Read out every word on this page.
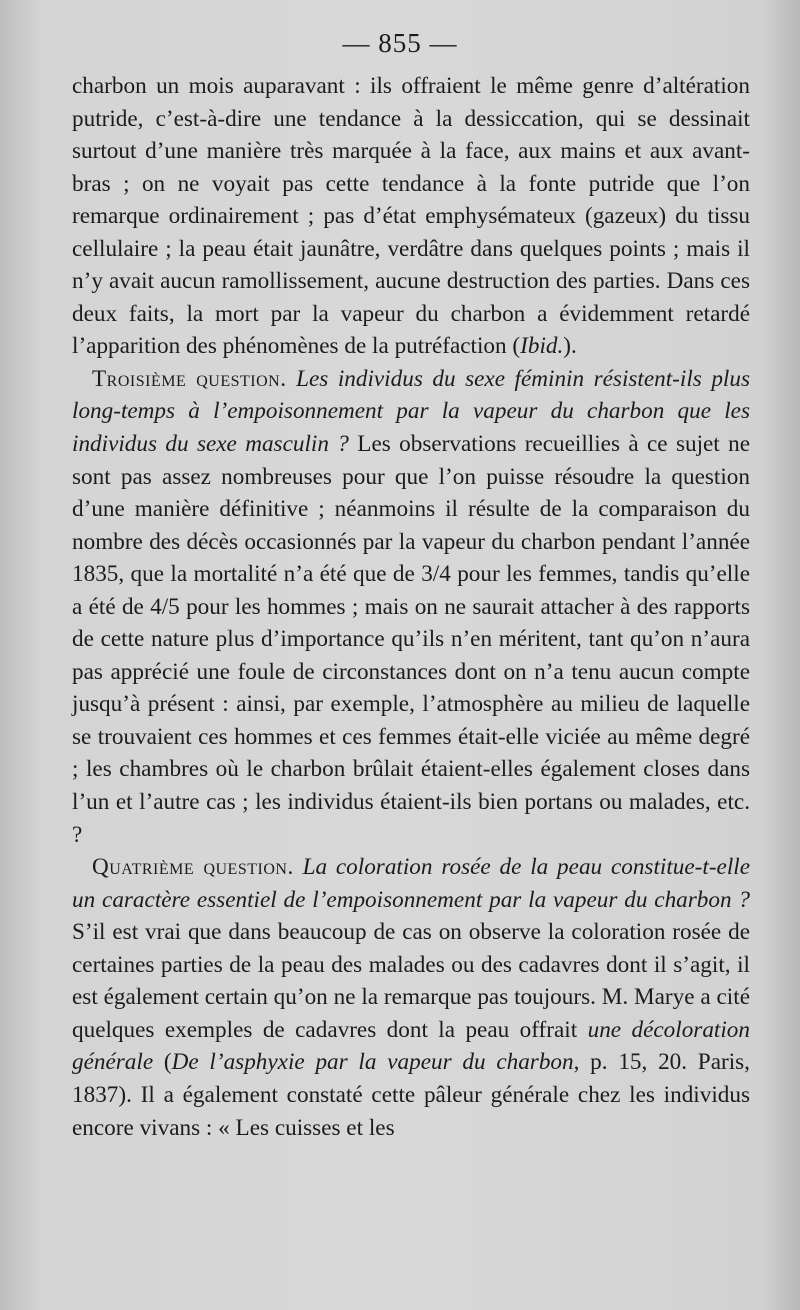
— 855 —

charbon un mois auparavant : ils offraient le même genre d’altération putride, c’est-à-dire une tendance à la dessiccation, qui se dessinait surtout d’une manière très marquée à la face, aux mains et aux avant-bras ; on ne voyait pas cette tendance à la fonte putride que l’on remarque ordinairement ; pas d’état emphysémateux (gazeux) du tissu cellulaire ; la peau était jaunâtre, verdâtre dans quelques points ; mais il n’y avait aucun ramollissement, aucune destruction des parties. Dans ces deux faits, la mort par la vapeur du charbon a évidemment retardé l’apparition des phénomènes de la putréfaction (Ibid.).

Troisième question. Les individus du sexe féminin résistent-ils plus long-temps à l’empoisonnement par la vapeur du charbon que les individus du sexe masculin ? Les observations recueillies à ce sujet ne sont pas assez nombreuses pour que l’on puisse résoudre la question d’une manière définitive ; néanmoins il résulte de la comparaison du nombre des décès occasionnés par la vapeur du charbon pendant l’année 1835, que la mortalité n’a été que de 3/4 pour les femmes, tandis qu’elle a été de 4/5 pour les hommes ; mais on ne saurait attacher à des rapports de cette nature plus d’importance qu’ils n’en méritent, tant qu’on n’aura pas apprécié une foule de circonstances dont on n’a tenu aucun compte jusqu’à présent : ainsi, par exemple, l’atmosphère au milieu de laquelle se trouvaient ces hommes et ces femmes était-elle viciée au même degré ; les chambres où le charbon brûlait étaient-elles également closes dans l’un et l’autre cas ; les individus étaient-ils bien portans ou malades, etc. ?

Quatrième question. La coloration rosée de la peau constitue-t-elle un caractère essentiel de l’empoisonnement par la vapeur du charbon ? S’il est vrai que dans beaucoup de cas on observe la coloration rosée de certaines parties de la peau des malades ou des cadavres dont il s’agit, il est également certain qu’on ne la remarque pas toujours. M. Marye a cité quelques exemples de cadavres dont la peau offrait une décoloration générale (De l’asphyxie par la vapeur du charbon, p. 15, 20. Paris, 1837). Il a également constaté cette pâleur générale chez les individus encore vivans : « Les cuisses et les
